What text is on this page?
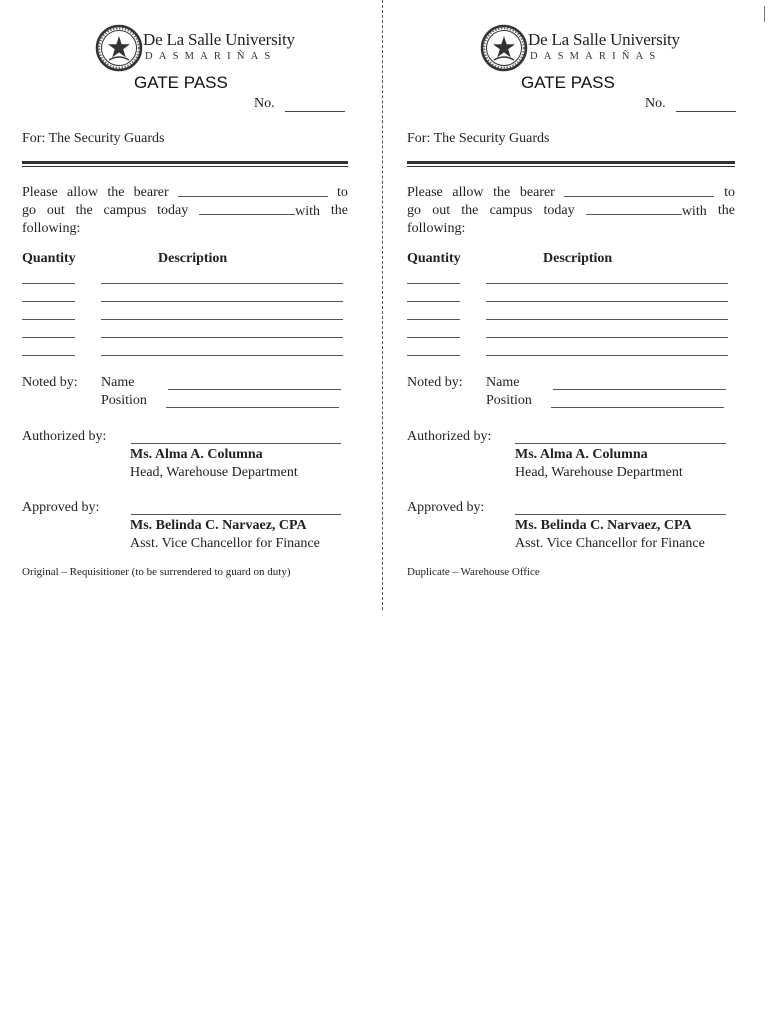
De La Salle University
DASMARIÑAS
GATE PASS
No.
For: The Security Guards
Please allow the bearer	to
go out the campus today	with the
following:
Quantity	Description
Noted by: Name
Position
Authorized by:
Ms. Alma A. Columna
Head, Warehouse Department
Approved by:
Ms. Belinda C. Narvaez, CPA
Asst. Vice Chancellor for Finance
Original – Requisitioner (to be surrendered to guard on duty)
De La Salle University
DASMARIÑAS
GATE PASS
No.
For: The Security Guards
Please allow the bearer	to
go out the campus today	with the
following:
Quantity	Description
Noted by: Name
Position
Authorized by:
Ms. Alma A. Columna
Head, Warehouse Department
Approved by:
Ms. Belinda C. Narvaez, CPA
Asst. Vice Chancellor for Finance
Duplicate – Warehouse Office
